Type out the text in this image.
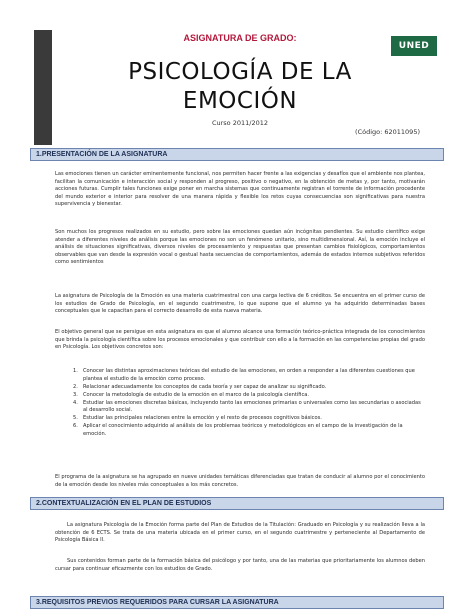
ASIGNATURA DE GRADO:
UNED
PSICOLOGÍA DE LA
EMOCIÓN
Curso 2011/2012
(Código: 62011095)
1.PRESENTACIÓN DE LA ASIGNATURA
Las emociones tienen un carácter eminentemente funcional, nos permiten hacer frente a las exigencias y desafíos que el ambiente nos plantea, facilitan la comunicación e interacción social y responden al progreso, positivo o negativo, en la obtención de metas y, por tanto, motivarán acciones futuras. Cumplir tales funciones exige poner en marcha sistemas que continuamente registran el torrente de información procedente del mundo exterior e interior para resolver de una manera rápida y flexible los retos cuyas consecuencias son significativas para nuestra supervivencia y bienestar.
Son muchos los progresos realizados en su estudio, pero sobre las emociones quedan aún incógnitas pendientes. Su estudio científico exige atender a diferentes niveles de análisis porque las emociones no son un fenómeno unitario, sino multidimensional. Así, la emoción incluye el análisis de situaciones significativas, diversos niveles de procesamiento y respuestas que presentan cambios fisiológicos, comportamientos observables que van desde la expresión vocal o gestual hasta secuencias de comportamientos, además de estados internos subjetivos referidos como sentimientos
La asignatura de Psicología de la Emoción es una materia cuatrimestral con una carga lectiva de 6 créditos. Se encuentra en el primer curso de los estudios de Grado de Psicología, en el segundo cuatrimestre, lo que supone que el alumno ya ha adquirido determinadas bases conceptuales que le capacitan para el correcto desarrollo de esta nueva materia.
El objetivo general que se persigue en esta asignatura es que el alumno alcance una formación teórico-práctica integrada de los conocimientos que brinda la psicología científica sobre los procesos emocionales y que contribuir con ello a la formación en las competencias propias del grado en Psicología. Los objetivos concretos son:
1. Conocer las distintas aproximaciones teóricas del estudio de las emociones, en orden a responder a las diferentes cuestiones que plantea el estudio de la emoción como proceso.
2. Relacionar adecuadamente los conceptos de cada teoría y ser capaz de analizar su significado.
3. Conocer la metodología de estudio de la emoción en el marco de la psicología científica.
4. Estudiar las emociones discretas básicas, incluyendo tanto las emociones primarias o universales como las secundarias o asociadas al desarrollo social.
5. Estudiar las principales relaciones entre la emoción y el resto de procesos cognitivos básicos.
6. Aplicar el conocimiento adquirido al análisis de los problemas teóricos y metodológicos en el campo de la investigación de la emoción.
El programa de la asignatura se ha agrupado en nueve unidades temáticas diferenciadas que tratan de conducir al alumno por el conocimiento de la emoción desde los niveles más conceptuales a los más concretos.
2.CONTEXTUALIZACIÓN EN EL PLAN DE ESTUDIOS
La asignatura Psicología de la Emoción forma parte del Plan de Estudios de la Titulación: Graduado en Psicología y su realización lleva a la obtención de 6 ECTS. Se trata de una materia ubicada en el primer curso, en el segundo cuatrimestre y perteneciente al Departamento de Psicología Básica II.
Sus contenidos forman parte de la formación básica del psicólogo y por tanto, una de las materias que prioritariamente los alumnos deben cursar para continuar eficazmente con los estudios de Grado.
3.REQUISITOS PREVIOS REQUERIDOS PARA CURSAR LA ASIGNATURA
